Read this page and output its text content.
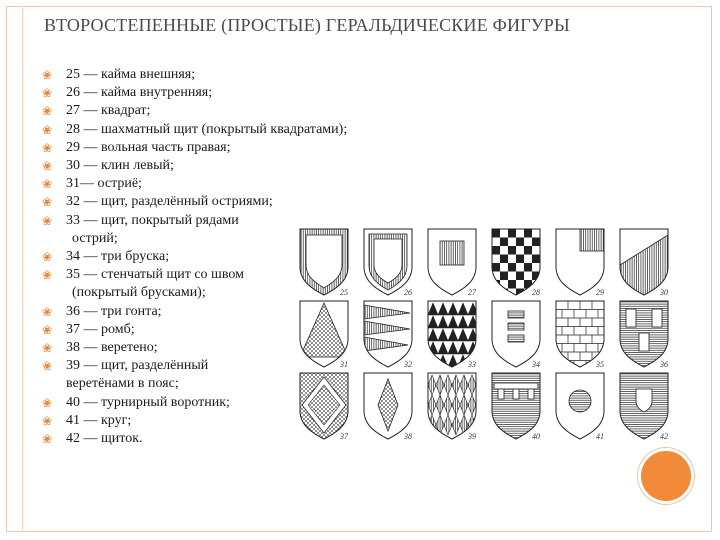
ВТОРОСТЕПЕННЫЕ (ПРОСТЫЕ) ГЕРАЛЬДИЧЕСКИЕ ФИГУРЫ
❀ 25 — кайма внешняя;
❀ 26 — кайма внутренняя;
❀ 27 — квадрат;
❀ 28 — шахматный щит (покрытый квадратами);
❀ 29 — вольная часть правая;
❀ 30 — клин левый;
❀ 31— остриё;
❀ 32 — щит, разделённый остриями;
❀ 33 — щит, покрытый рядами
острий;
❀ 34 — три бруска;
❀ 35 — стенчатый щит со швом
(покрытый брусками);
❀ 36 — три гонта;
❀ 37 — ромб;
❀ 38 — веретено;
❀ 39 — щит, разделённый
веретёнами в пояс;
❀ 40 — турнирный воротник;
❀ 41 — круг;
❀ 42 — щиток.
25	26	27	28	29	30
31	32	33	34	35	36
37	38	39	40	41	42
